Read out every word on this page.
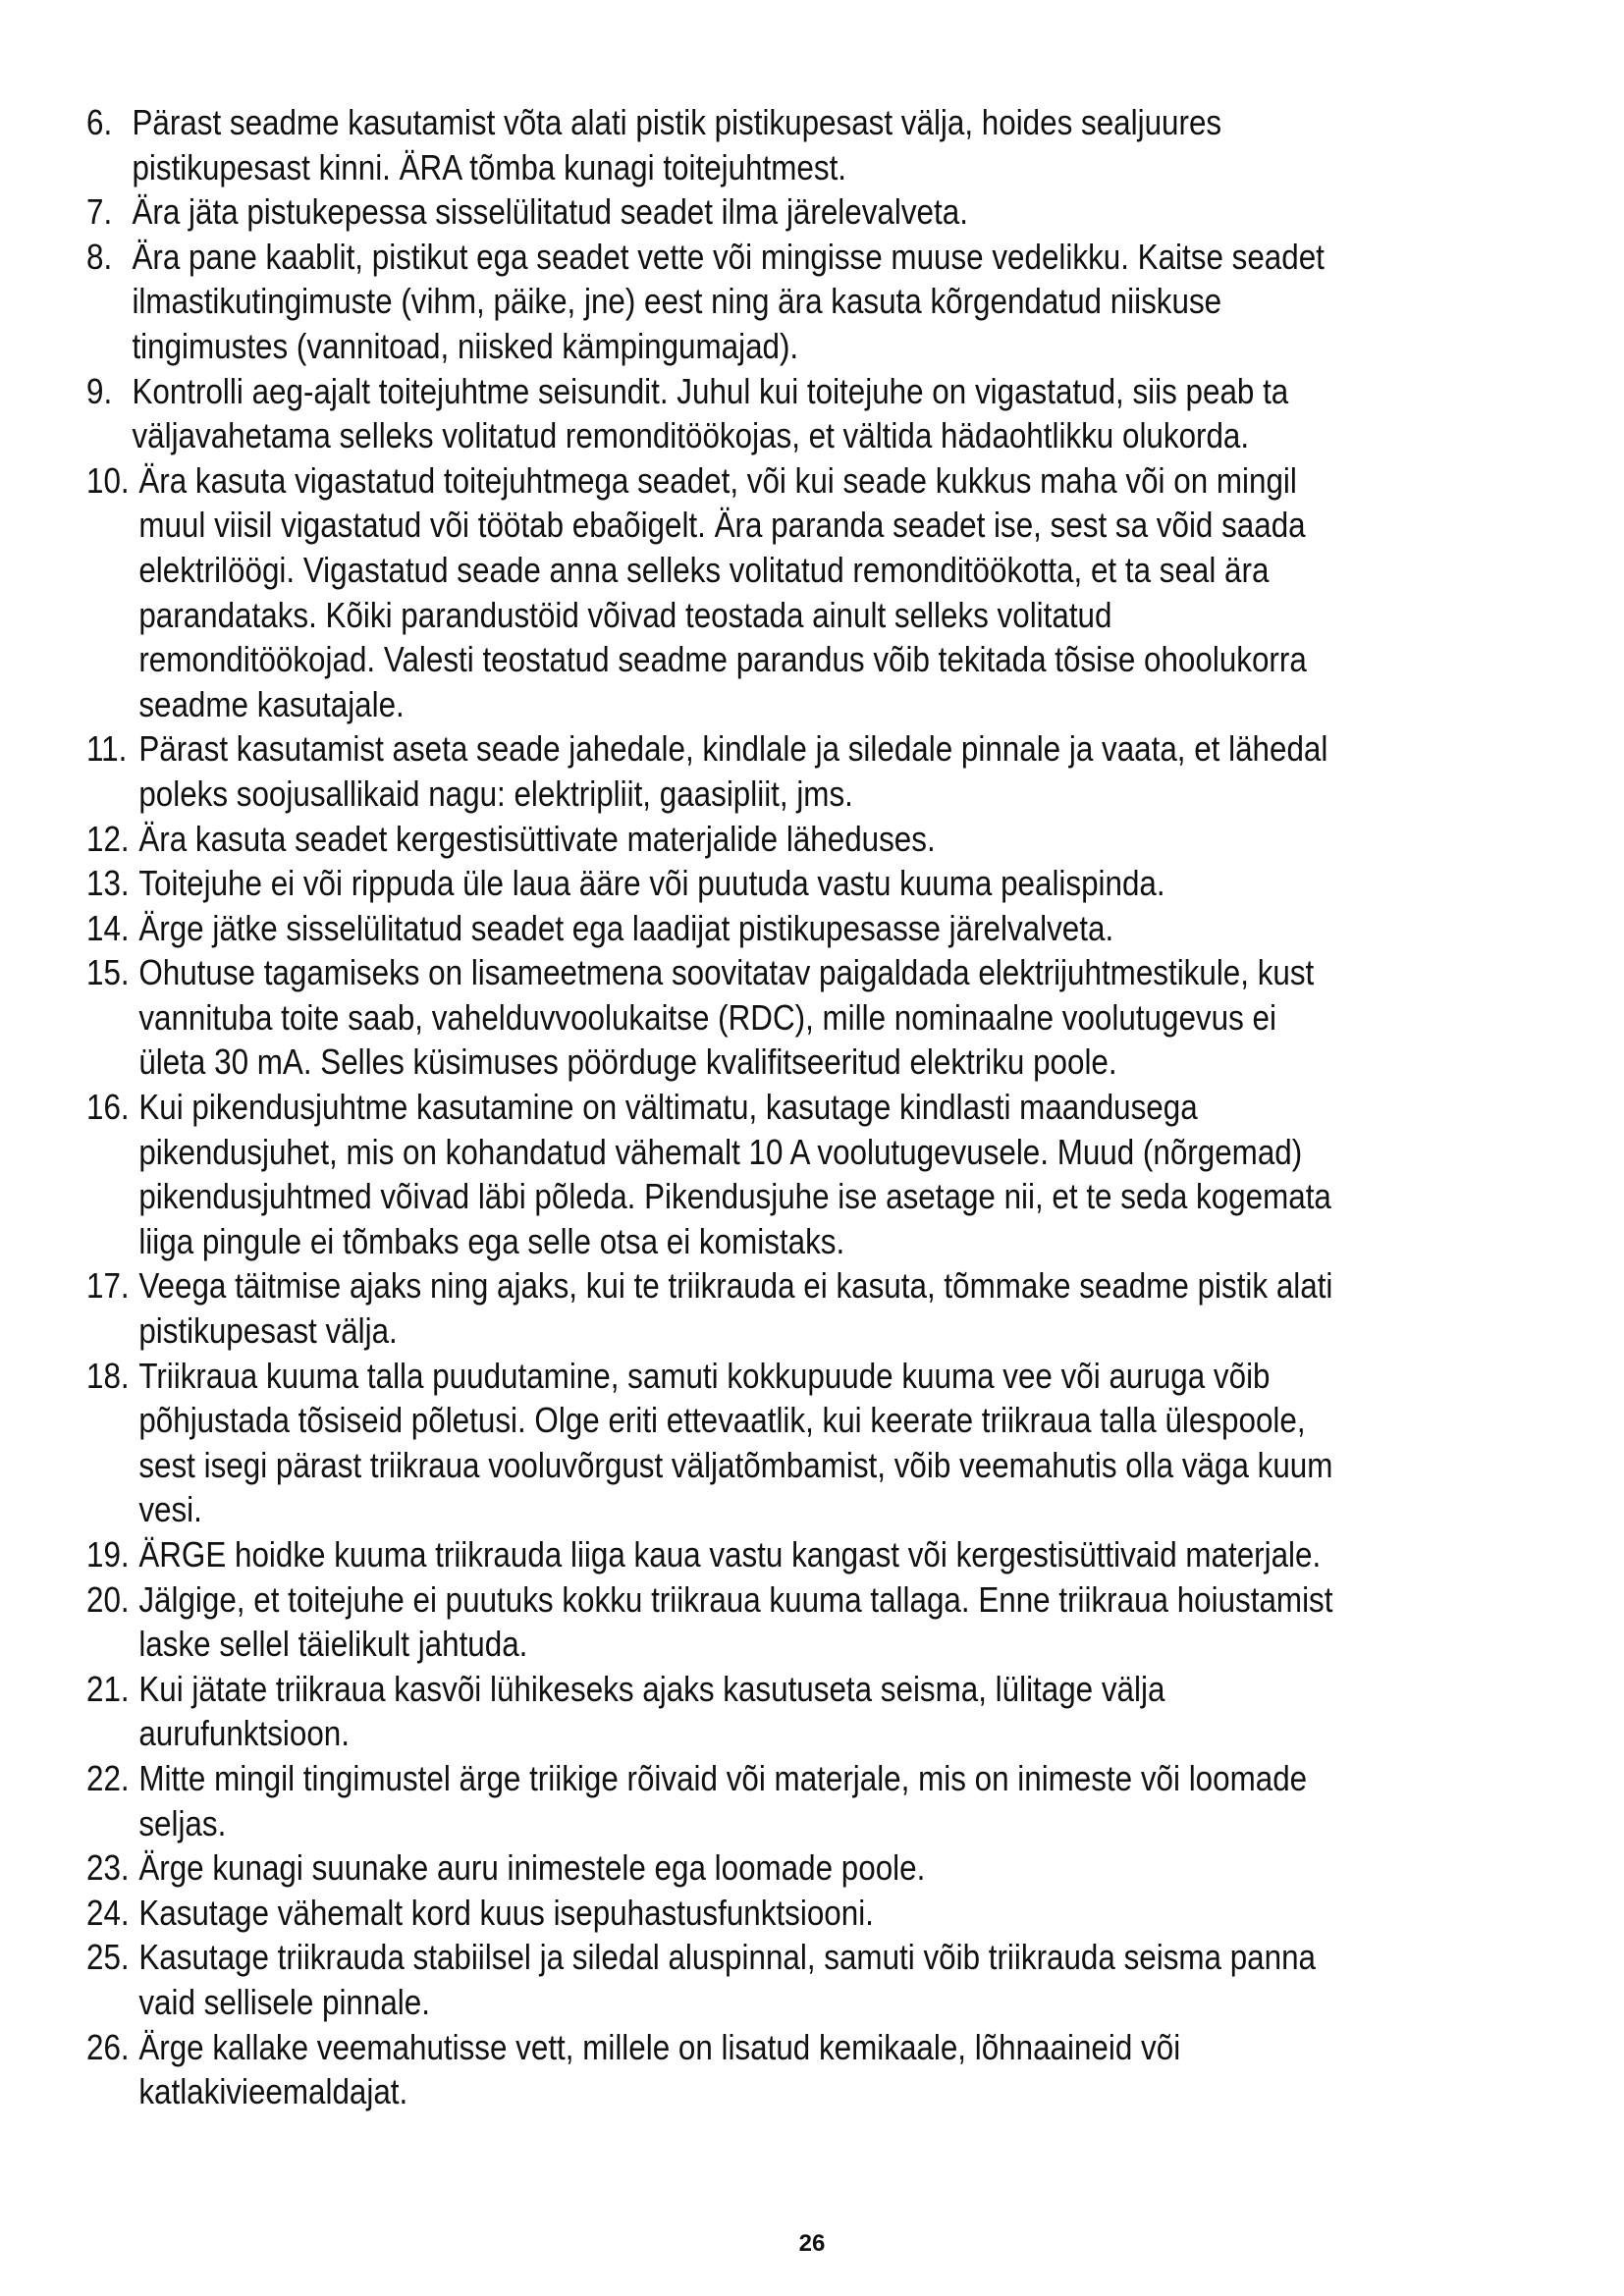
6. Pärast seadme kasutamist võta alati pistik pistikupesast välja, hoides sealjuures
pistikupesast kinni. ÄRA tõmba kunagi toitejuhtmest.
7. Ära jäta pistukepessa sisselülitatud seadet ilma järelevalveta.
8. Ära pane kaablit, pistikut ega seadet vette või mingisse muuse vedelikku. Kaitse seadet
ilmastikutingimuste (vihm, päike, jne) eest ning ära kasuta kõrgendatud niiskuse
tingimustes (vannitoad, niisked kämpingumajad).
9. Kontrolli aeg-ajalt toitejuhtme seisundit. Juhul kui toitejuhe on vigastatud, siis peab ta
väljavahetama selleks volitatud remonditöökojas, et vältida hädaohtlikku olukorda.
10. Ära kasuta vigastatud toitejuhtmega seadet, või kui seade kukkus maha või on mingil
muul viisil vigastatud või töötab ebaõigelt. Ära paranda seadet ise, sest sa võid saada
elektrilöögi. Vigastatud seade anna selleks volitatud remonditöökotta, et ta seal ära
parandataks. Kõiki parandustöid võivad teostada ainult selleks volitatud
remonditöökojad. Valesti teostatud seadme parandus võib tekitada tõsise ohoolukorra
seadme kasutajale.
11. Pärast kasutamist aseta seade jahedale, kindlale ja siledale pinnale ja vaata, et lähedal
poleks soojusallikaid nagu: elektripliit, gaasipliit, jms.
12. Ära kasuta seadet kergestisüttivate materjalide läheduses.
13. Toitejuhe ei või rippuda üle laua ääre või puutuda vastu kuuma pealispinda.
14. Ärge jätke sisselülitatud seadet ega laadijat pistikupesasse järelvalveta.
15. Ohutuse tagamiseks on lisameetmena soovitatav paigaldada elektrijuhtmestikule, kust
vannituba toite saab, vahelduvvoolukaitse (RDC), mille nominaalne voolutugevus ei
ületa 30 mA. Selles küsimuses pöörduge kvalifitseeritud elektriku poole.
16. Kui pikendusjuhtme kasutamine on vältimatu, kasutage kindlasti maandusega
pikendusjuhet, mis on kohandatud vähemalt 10 A voolutugevusele. Muud (nõrgemad)
pikendusjuhtmed võivad läbi põleda. Pikendusjuhe ise asetage nii, et te seda kogemata
liiga pingule ei tõmbaks ega selle otsa ei komistaks.
17. Veega täitmise ajaks ning ajaks, kui te triikrauda ei kasuta, tõmmake seadme pistik alati
pistikupesast välja.
18. Triikraua kuuma talla puudutamine, samuti kokkupuude kuuma vee või auruga võib
põhjustada tõsiseid põletusi. Olge eriti ettevaatlik, kui keerate triikraua talla ülespoole,
sest isegi pärast triikraua vooluvõrgust väljatõmbamist, võib veemahutis olla väga kuum
vesi.
19. ÄRGE hoidke kuuma triikrauda liiga kaua vastu kangast või kergestisüttivaid materjale.
20. Jälgige, et toitejuhe ei puutuks kokku triikraua kuuma tallaga. Enne triikraua hoiustamist
laske sellel täielikult jahtuda.
21. Kui jätate triikraua kasvõi lühikeseks ajaks kasutuseta seisma, lülitage välja
aurufunktsioon.
22. Mitte mingil tingimustel ärge triikige rõivaid või materjale, mis on inimeste või loomade
seljas.
23. Ärge kunagi suunake auru inimestele ega loomade poole.
24. Kasutage vähemalt kord kuus isepuhastusfunktsiooni.
25. Kasutage triikrauda stabiilsel ja siledal aluspinnal, samuti võib triikrauda seisma panna
vaid sellisele pinnale.
26. Ärge kallake veemahutisse vett, millele on lisatud kemikaale, lõhnaaineid või
katlakivieemaldajat.
26
